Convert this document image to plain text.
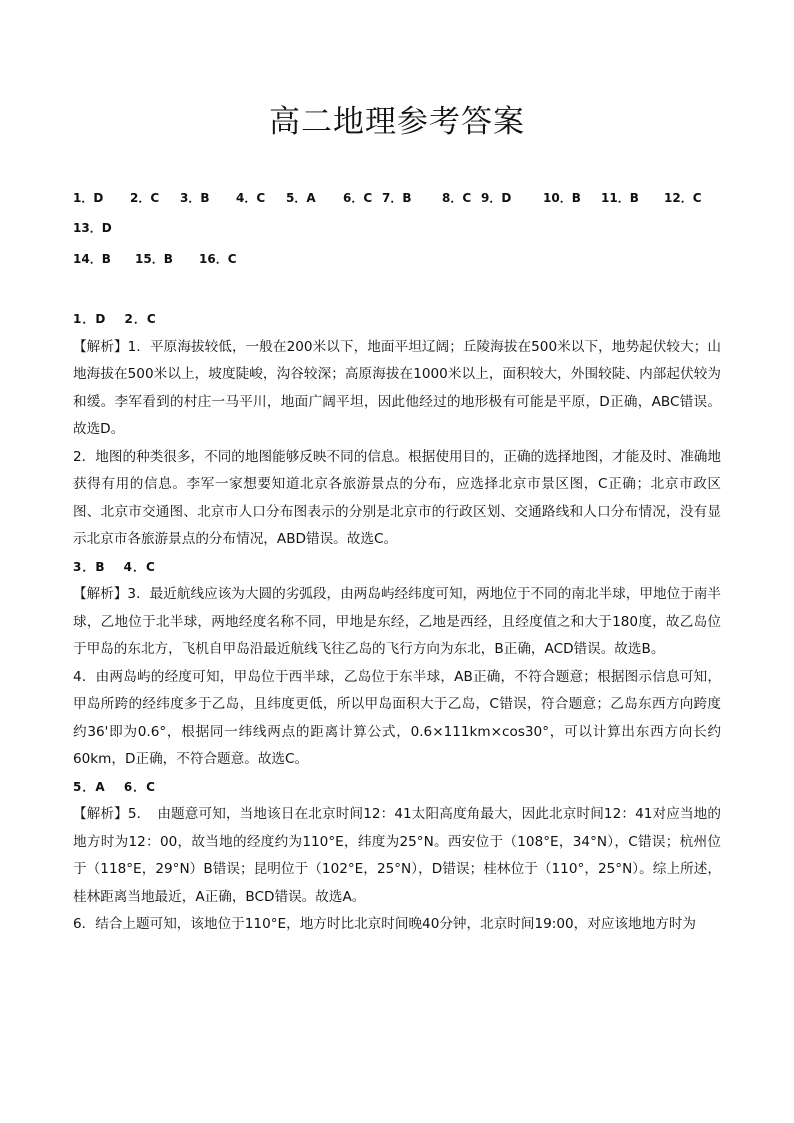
高二地理参考答案
1．D 2．C 3．B 4．C 5．A 6．C 7．B	8．C 9．D	10．B 11．B 12．C
13．D
14．B 15．B 16．C

1．D　 2．C

【解析】1．平原海拔较低，一般在200米以下，地面平坦辽阔；丘陵海拔在500米以下，地势起伏较大；山地海拔在500米以上，坡度陡峻，沟谷较深；高原海拔在1000米以上，面积较大，外围较陡、内部起伏较为和缓。李军看到的村庄一马平川，地面广阔平坦，因此他经过的地形极有可能是平原，D正确，ABC错误。故选D。

2．地图的种类很多，不同的地图能够反映不同的信息。根据使用目的，正确的选择地图，才能及时、准确地获得有用的信息。李军一家想要知道北京各旅游景点的分布，应选择北京市景区图，C正确；北京市政区图、北京市交通图、北京市人口分布图表示的分别是北京市的行政区划、交通路线和人口分布情况，没有显示北京市各旅游景点的分布情况，ABD错误。故选C。

3．B　 4．C

【解析】3．最近航线应该为大圆的劣弧段，由两岛屿经纬度可知，两地位于不同的南北半球，甲地位于南半球，乙地位于北半球，两地经度名称不同，甲地是东经，乙地是西经，且经度值之和大于180度，故乙岛位于甲岛的东北方，飞机自甲岛沿最近航线飞往乙岛的飞行方向为东北，B正确，ACD错误。故选B。

4．由两岛屿的经度可知，甲岛位于西半球，乙岛位于东半球，AB正确，不符合题意；根据图示信息可知，甲岛所跨的经纬度多于乙岛，且纬度更低，所以甲岛面积大于乙岛，C错误，符合题意；乙岛东西方向跨度约36'即为0.6°，根据同一纬线两点的距离计算公式，0.6×111km×cos30°，可以计算出东西方向长约60km，D正确，不符合题意。故选C。

5．A　 6．C

【解析】5．　由题意可知，当地该日在北京时间12：41太阳高度角最大，因此北京时间12：41对应当地的地方时为12：00，故当地的经度约为110°E，纬度为25°N。西安位于（108°E，34°N），C错误；杭州位于（118°E，29°N）B错误；昆明位于（102°E，25°N），D错误；桂林位于（110°，25°N）。综上所述，桂林距离当地最近，A正确，BCD错误。故选A。

6．结合上题可知，该地位于110°E，地方时比北京时间晚40分钟，北京时间19:00，对应该地地方时为
